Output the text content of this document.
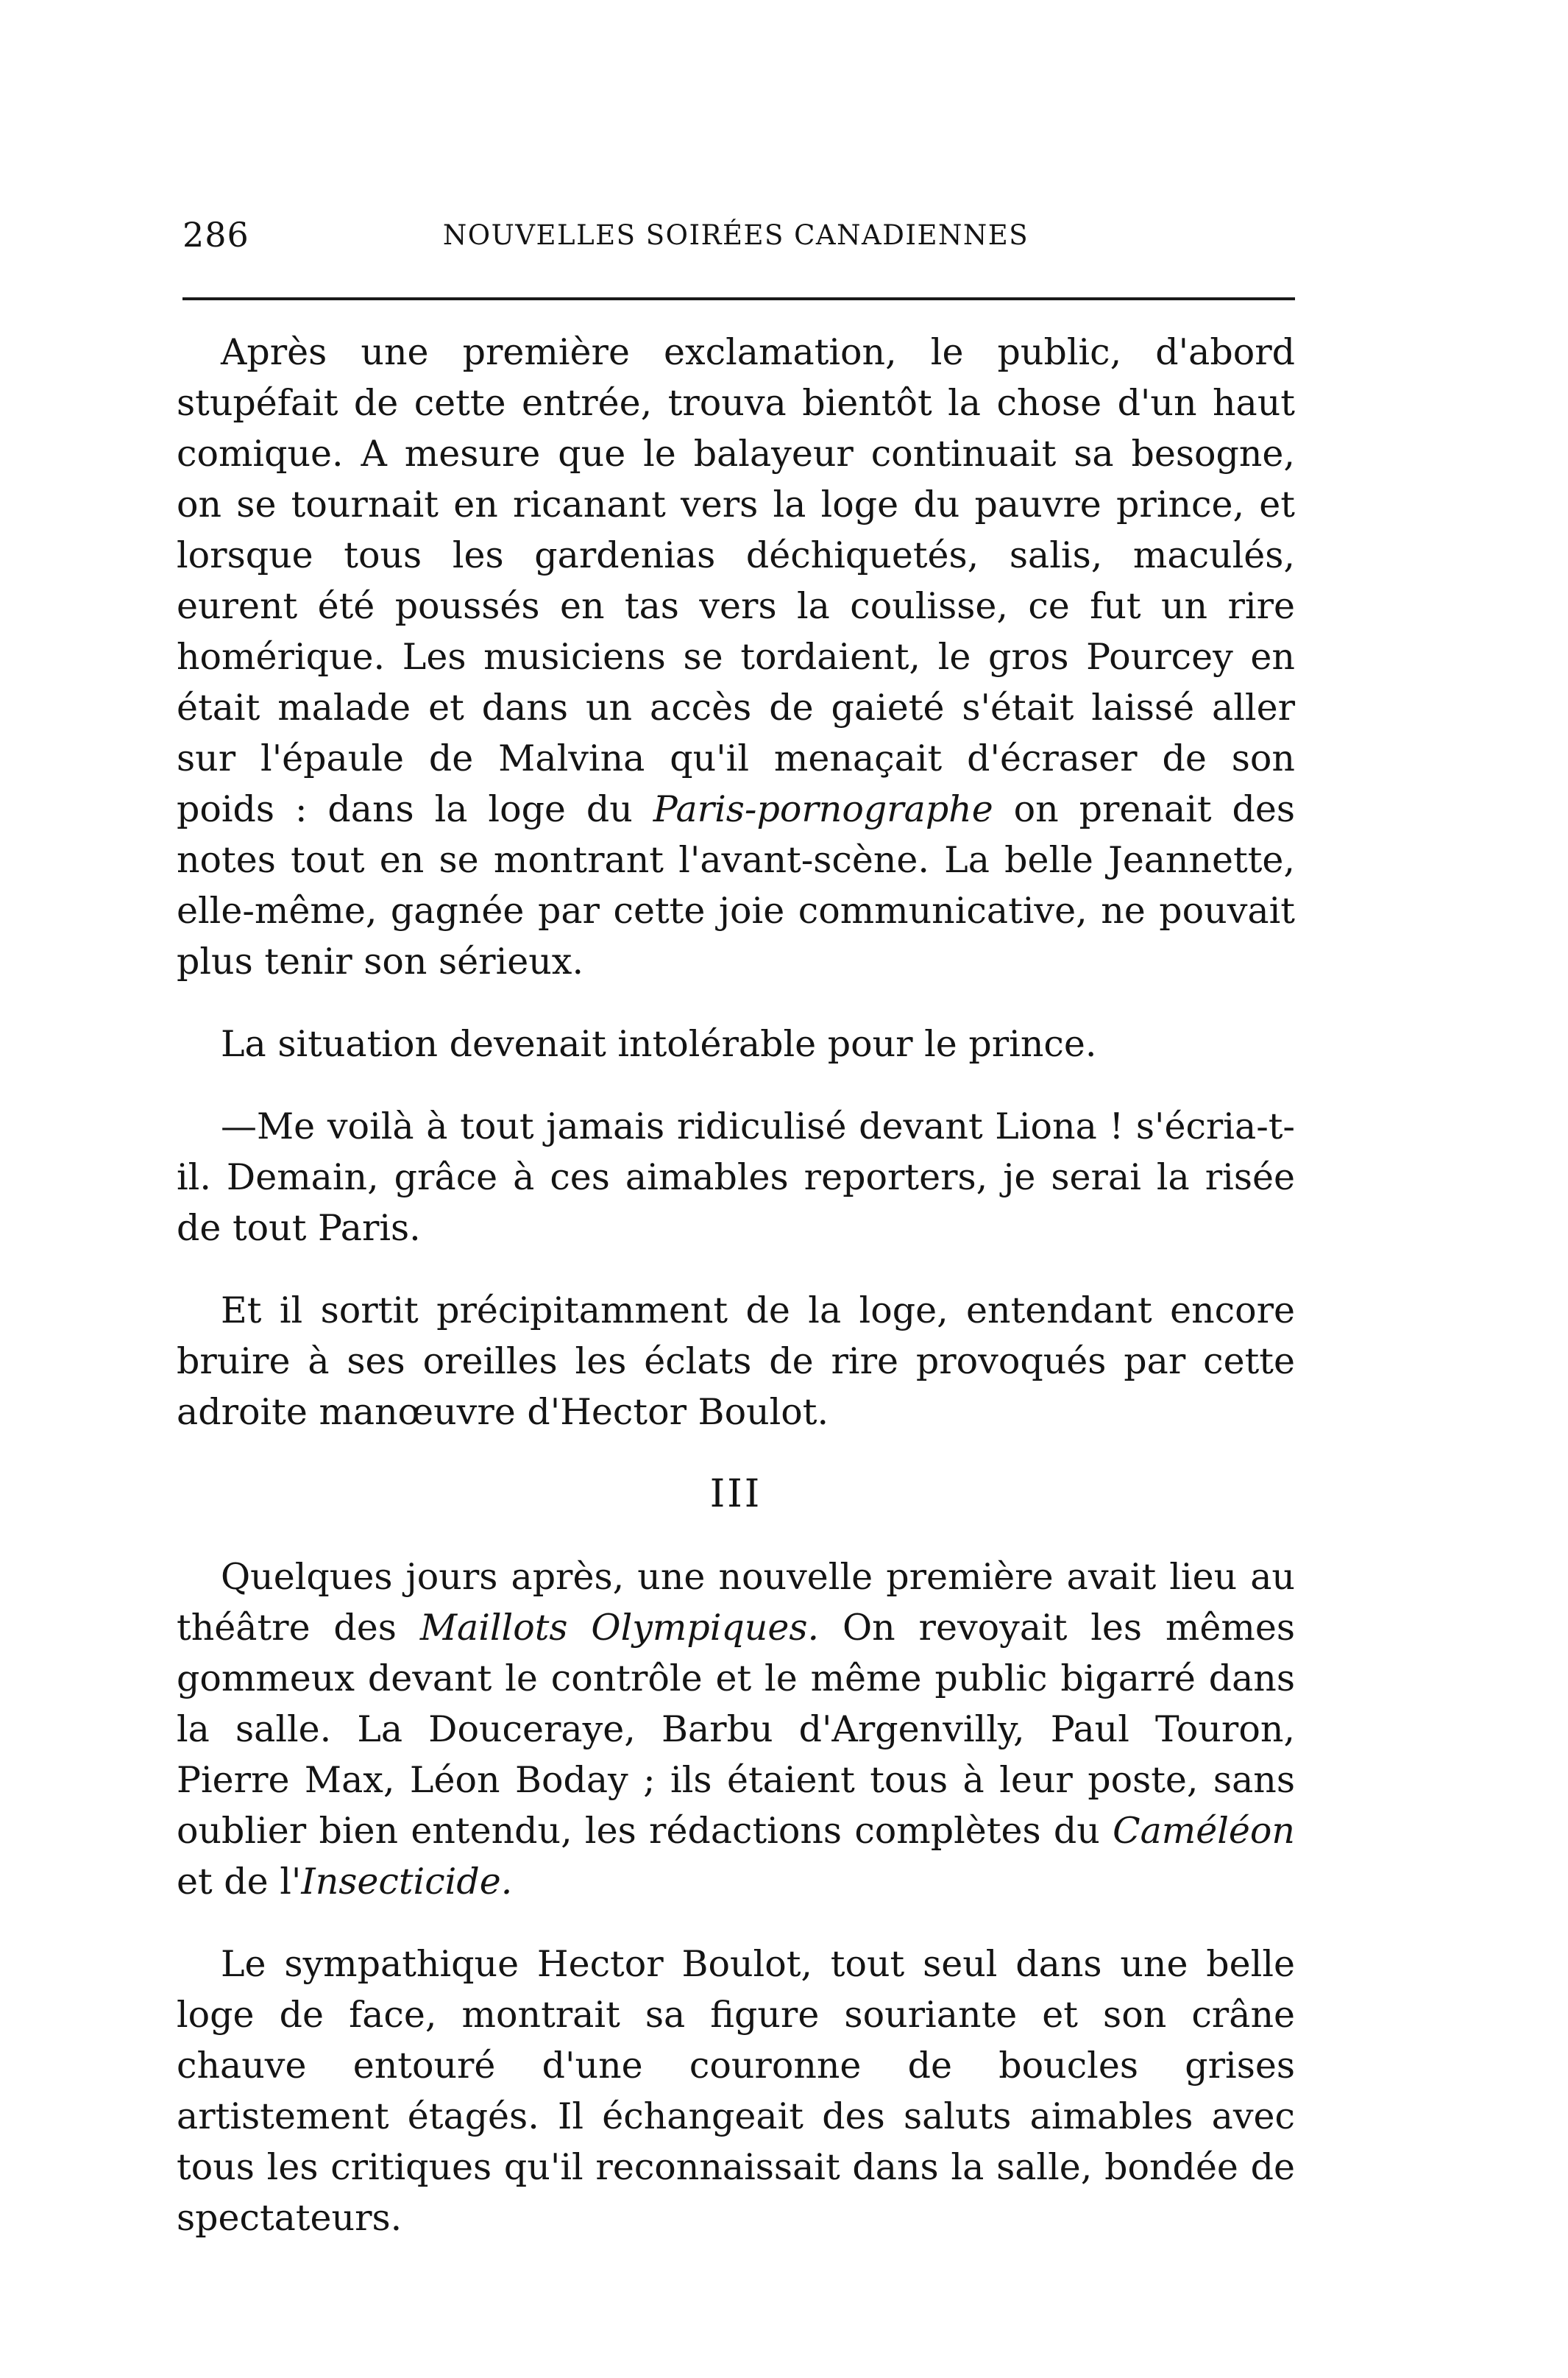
286	NOUVELLES SOIRÉES CANADIENNES

Après une première exclamation, le public, d'abord stupéfait de cette entrée, trouva bientôt la chose d'un haut comique. A mesure que le balayeur continuait sa besogne, on se tournait en ricanant vers la loge du pauvre prince, et lorsque tous les gardenias déchiquetés, salis, maculés, eurent été poussés en tas vers la coulisse, ce fut un rire homérique. Les musiciens se tordaient, le gros Pourcey en était malade et dans un accès de gaieté s'était laissé aller sur l'épaule de Malvina qu'il menaçait d'écraser de son poids : dans la loge du Paris-pornographe on prenait des notes tout en se montrant l'avant-scène. La belle Jeannette, elle-même, gagnée par cette joie communicative, ne pouvait plus tenir son sérieux.

La situation devenait intolérable pour le prince.

—Me voilà à tout jamais ridiculisé devant Liona ! s'écria-t-il. Demain, grâce à ces aimables reporters, je serai la risée de tout Paris.

Et il sortit précipitamment de la loge, entendant encore bruire à ses oreilles les éclats de rire provoqués par cette adroite manœuvre d'Hector Boulot.

III

Quelques jours après, une nouvelle première avait lieu au théâtre des Maillots Olympiques. On revoyait les mêmes gommeux devant le contrôle et le même public bigarré dans la salle. La Douceraye, Barbu d'Argenvilly, Paul Touron, Pierre Max, Léon Boday ; ils étaient tous à leur poste, sans oublier bien entendu, les rédactions complètes du Caméléon et de l'Insecticide.

Le sympathique Hector Boulot, tout seul dans une belle loge de face, montrait sa figure souriante et son crâne chauve entouré d'une couronne de boucles grises artistement étagés. Il échangeait des saluts aimables avec tous les critiques qu'il reconnaissait dans la salle, bondée de spectateurs.
